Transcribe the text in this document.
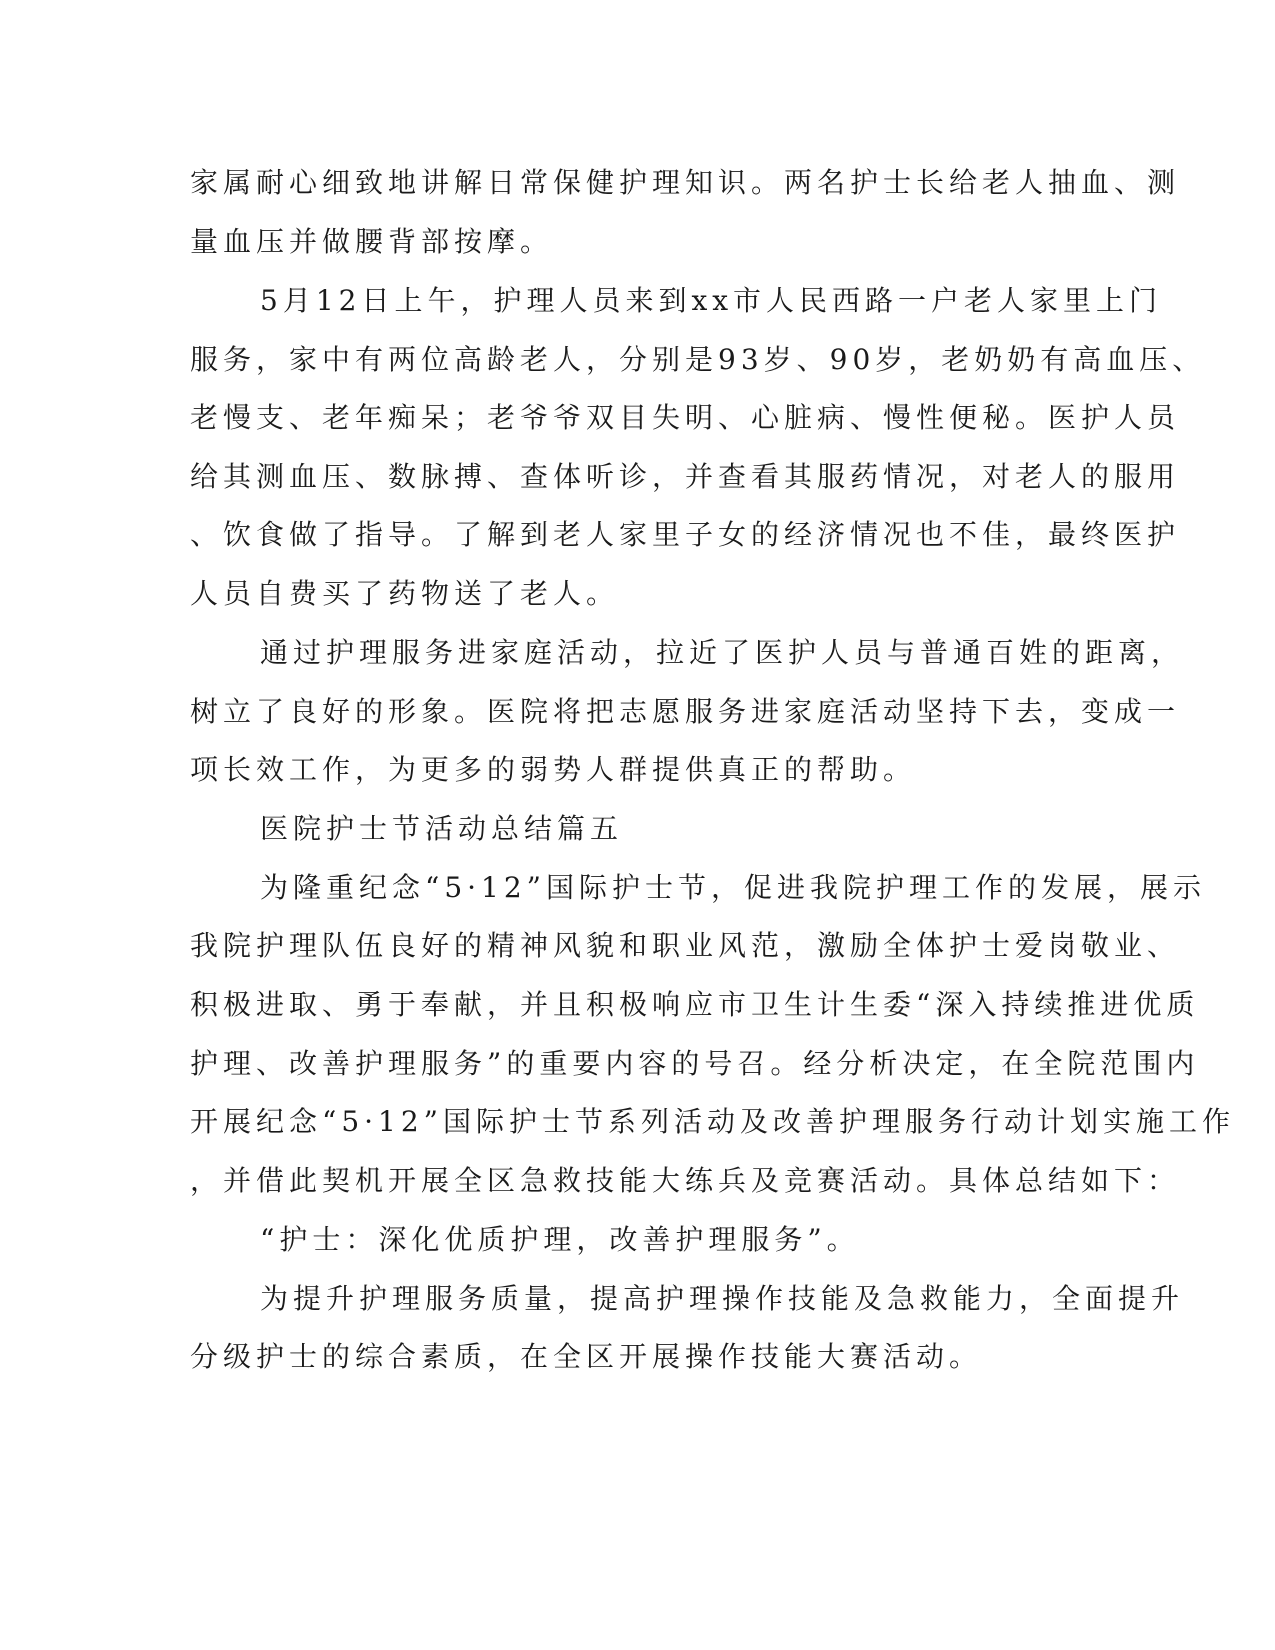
家属耐心细致地讲解日常保健护理知识。两名护士长给老人抽血、测
量血压并做腰背部按摩。
5月12日上午，护理人员来到xx市人民西路一户老人家里上门
服务，家中有两位高龄老人，分别是93岁、90岁，老奶奶有高血压、
老慢支、老年痴呆；老爷爷双目失明、心脏病、慢性便秘。医护人员
给其测血压、数脉搏、查体听诊，并查看其服药情况，对老人的服用
、饮食做了指导。了解到老人家里子女的经济情况也不佳，最终医护
人员自费买了药物送了老人。
通过护理服务进家庭活动，拉近了医护人员与普通百姓的距离，
树立了良好的形象。医院将把志愿服务进家庭活动坚持下去，变成一
项长效工作，为更多的弱势人群提供真正的帮助。
医院护士节活动总结篇五
为隆重纪念“5·12”国际护士节，促进我院护理工作的发展，展示
我院护理队伍良好的精神风貌和职业风范，激励全体护士爱岗敬业、
积极进取、勇于奉献，并且积极响应市卫生计生委“深入持续推进优质
护理、改善护理服务”的重要内容的号召。经分析决定，在全院范围内
开展纪念“5·12”国际护士节系列活动及改善护理服务行动计划实施工作
，并借此契机开展全区急救技能大练兵及竞赛活动。具体总结如下：
“护士：深化优质护理，改善护理服务”。
为提升护理服务质量，提高护理操作技能及急救能力，全面提升
分级护士的综合素质，在全区开展操作技能大赛活动。
